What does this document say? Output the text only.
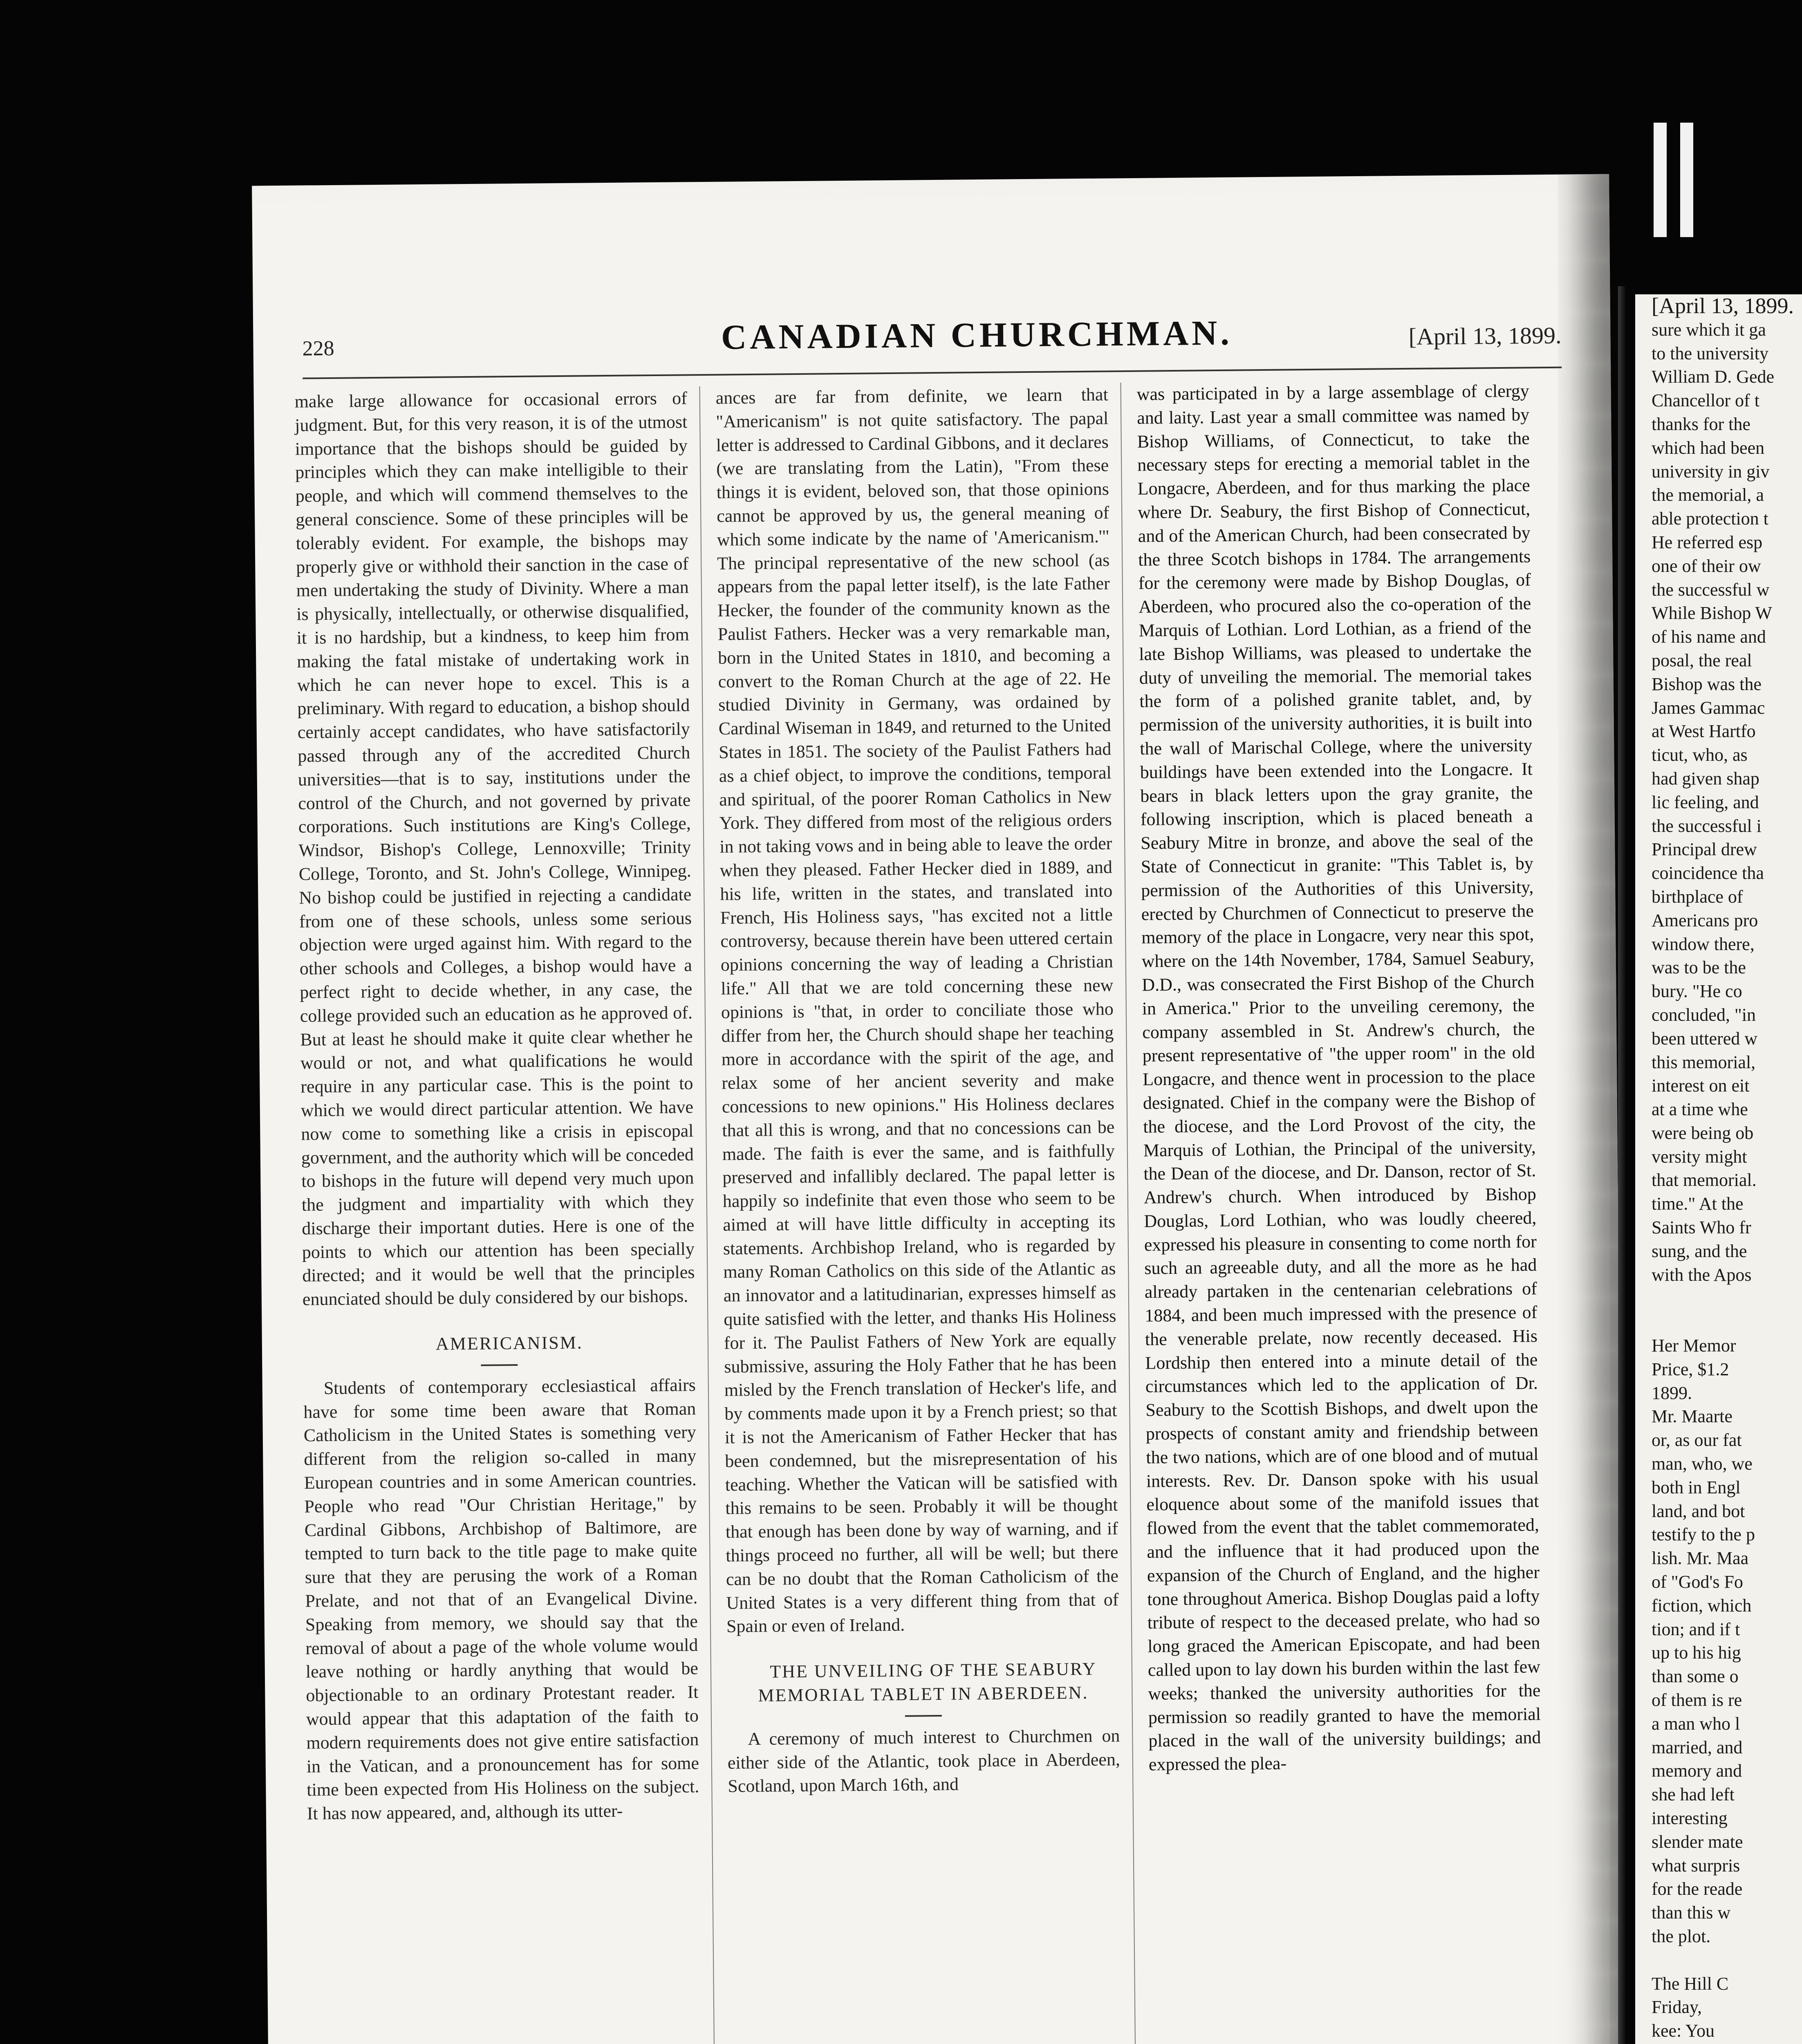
228	CANADIAN CHURCHMAN.	[April 13, 1899.

make large allowance for occasional errors of judgment. But, for this very reason, it is of the utmost importance that the bishops should be guided by principles which they can make intelligible to their people, and which will commend themselves to the general conscience. Some of these principles will be tolerably evident. For example, the bishops may properly give or withhold their sanction in the case of men undertaking the study of Divinity. Where a man is physically, intellectually, or otherwise disqualified, it is no hardship, but a kindness, to keep him from making the fatal mistake of undertaking work in which he can never hope to excel. This is a preliminary. With regard to education, a bishop should certainly accept candidates, who have satisfactorily passed through any of the accredited Church universities—that is to say, institutions under the control of the Church, and not governed by private corporations. Such institutions are King's College, Windsor, Bishop's College, Lennoxville; Trinity College, Toronto, and St. John's College, Winnipeg. No bishop could be justified in rejecting a candidate from one of these schools, unless some serious objection were urged against him. With regard to the other schools and Colleges, a bishop would have a perfect right to decide whether, in any case, the college provided such an education as he approved of. But at least he should make it quite clear whether he would or not, and what qualifications he would require in any particular case. This is the point to which we would direct particular attention. We have now come to something like a crisis in episcopal government, and the authority which will be conceded to bishops in the future will depend very much upon the judgment and impartiality with which they discharge their important duties. Here is one of the points to which our attention has been specially directed; and it would be well that the principles enunciated should be duly considered by our bishops.

AMERICANISM.

Students of contemporary ecclesiastical affairs have for some time been aware that Roman Catholicism in the United States is something very different from the religion so-called in many European countries and in some American countries. People who read "Our Christian Heritage," by Cardinal Gibbons, Archbishop of Baltimore, are tempted to turn back to the title page to make quite sure that they are perusing the work of a Roman Prelate, and not that of an Evangelical Divine. Speaking from memory, we should say that the removal of about a page of the whole volume would leave nothing or hardly anything that would be objectionable to an ordinary Protestant reader. It would appear that this adaptation of the faith to modern requirements does not give entire satisfaction in the Vatican, and a pronouncement has for some time been expected from His Holiness on the subject. It has now appeared, and, although its utter-

ances are far from definite, we learn that "Americanism" is not quite satisfactory. The papal letter is addressed to Cardinal Gibbons, and it declares (we are translating from the Latin), "From these things it is evident, beloved son, that those opinions cannot be approved by us, the general meaning of which some indicate by the name of 'Americanism.'" The principal representative of the new school (as appears from the papal letter itself), is the late Father Hecker, the founder of the community known as the Paulist Fathers. Hecker was a very remarkable man, born in the United States in 1810, and becoming a convert to the Roman Church at the age of 22. He studied Divinity in Germany, was ordained by Cardinal Wiseman in 1849, and returned to the United States in 1851. The society of the Paulist Fathers had as a chief object, to improve the conditions, temporal and spiritual, of the poorer Roman Catholics in New York. They differed from most of the religious orders in not taking vows and in being able to leave the order when they pleased. Father Hecker died in 1889, and his life, written in the states, and translated into French, His Holiness says, "has excited not a little controversy, because therein have been uttered certain opinions concerning the way of leading a Christian life." All that we are told concerning these new opinions is "that, in order to conciliate those who differ from her, the Church should shape her teaching more in accordance with the spirit of the age, and relax some of her ancient severity and make concessions to new opinions." His Holiness declares that all this is wrong, and that no concessions can be made. The faith is ever the same, and is faithfully preserved and infallibly declared. The papal letter is happily so indefinite that even those who seem to be aimed at will have little difficulty in accepting its statements. Archbishop Ireland, who is regarded by many Roman Catholics on this side of the Atlantic as an innovator and a latitudinarian, expresses himself as quite satisfied with the letter, and thanks His Holiness for it. The Paulist Fathers of New York are equally submissive, assuring the Holy Father that he has been misled by the French translation of Hecker's life, and by comments made upon it by a French priest; so that it is not the Americanism of Father Hecker that has been condemned, but the misrepresentation of his teaching. Whether the Vatican will be satisfied with this remains to be seen. Probably it will be thought that enough has been done by way of warning, and if things proceed no further, all will be well; but there can be no doubt that the Roman Catholicism of the United States is a very different thing from that of Spain or even of Ireland.

THE UNVEILING OF THE SEABURY MEMORIAL TABLET IN ABERDEEN.

A ceremony of much interest to Churchmen on either side of the Atlantic, took place in Aberdeen, Scotland, upon March 16th, and

was participated in by a large assemblage of clergy and laity. Last year a small committee was named by Bishop Williams, of Connecticut, to take the necessary steps for erecting a memorial tablet in the Longacre, Aberdeen, and for thus marking the place where Dr. Seabury, the first Bishop of Connecticut, and of the American Church, had been consecrated by the three Scotch bishops in 1784. The arrangements for the ceremony were made by Bishop Douglas, of Aberdeen, who procured also the co-operation of the Marquis of Lothian. Lord Lothian, as a friend of the late Bishop Williams, was pleased to undertake the duty of unveiling the memorial. The memorial takes the form of a polished granite tablet, and, by permission of the university authorities, it is built into the wall of Marischal College, where the university buildings have been extended into the Longacre. It bears in black letters upon the gray granite, the following inscription, which is placed beneath a Seabury Mitre in bronze, and above the seal of the State of Connecticut in granite: "This Tablet is, by permission of the Authorities of this University, erected by Churchmen of Connecticut to preserve the memory of the place in Longacre, very near this spot, where on the 14th November, 1784, Samuel Seabury, D.D., was consecrated the First Bishop of the Church in America." Prior to the unveiling ceremony, the company assembled in St. Andrew's church, the present representative of "the upper room" in the old Longacre, and thence went in procession to the place designated. Chief in the company were the Bishop of the diocese, and the Lord Provost of the city, the Marquis of Lothian, the Principal of the university, the Dean of the diocese, and Dr. Danson, rector of St. Andrew's church. When introduced by Bishop Douglas, Lord Lothian, who was loudly cheered, expressed his pleasure in consenting to come north for such an agreeable duty, and all the more as he had already partaken in the centenarian celebrations of 1884, and been much impressed with the presence of the venerable prelate, now recently deceased. His Lordship then entered into a minute detail of the circumstances which led to the application of Dr. Seabury to the Scottish Bishops, and dwelt upon the prospects of constant amity and friendship between the two nations, which are of one blood and of mutual interests. Rev. Dr. Danson spoke with his usual eloquence about some of the manifold issues that flowed from the event that the tablet commemorated, and the influence that it had produced upon the expansion of the Church of England, and the higher tone throughout America. Bishop Douglas paid a lofty tribute of respect to the deceased prelate, who had so long graced the American Episcopate, and had been called upon to lay down his burden within the last few weeks; thanked the university authorities for the permission so readily granted to have the memorial placed in the wall of the university buildings; and expressed the plea-

[April 13, 1899.

sure which it ga

to the university

William D. Gede

Chancellor of t

thanks for the

which had been

university in giv

the memorial, a

able protection t

He referred esp

one of their ow

the successful w

While Bishop W

of his name and

posal, the real

Bishop was the

James Gammac

at West Hartfo

ticut, who, as

had given shap

lic feeling, and

the successful i

Principal drew

coincidence tha

birthplace of

Americans pro

window there,

was to be the

bury. "He co

concluded, "in

been uttered w

this memorial,

interest on eit

at a time whe

were being ob

versity might

that memorial.

time." At the

Saints Who fr

sung, and the

with the Apos

Her Memor

Price, $1.2

1899.

Mr. Maarte

or, as our fat

man, who, we

both in Engl

land, and bot

testify to the p

lish. Mr. Maa

of "God's Fo

fiction, which

tion; and if t

up to his hig

than some o

of them is re

a man who l

married, and

memory and

she had left

interesting

slender mate

what surpris

for the reade

than this w

the plot.

The Hill C

Friday,

kee: You
